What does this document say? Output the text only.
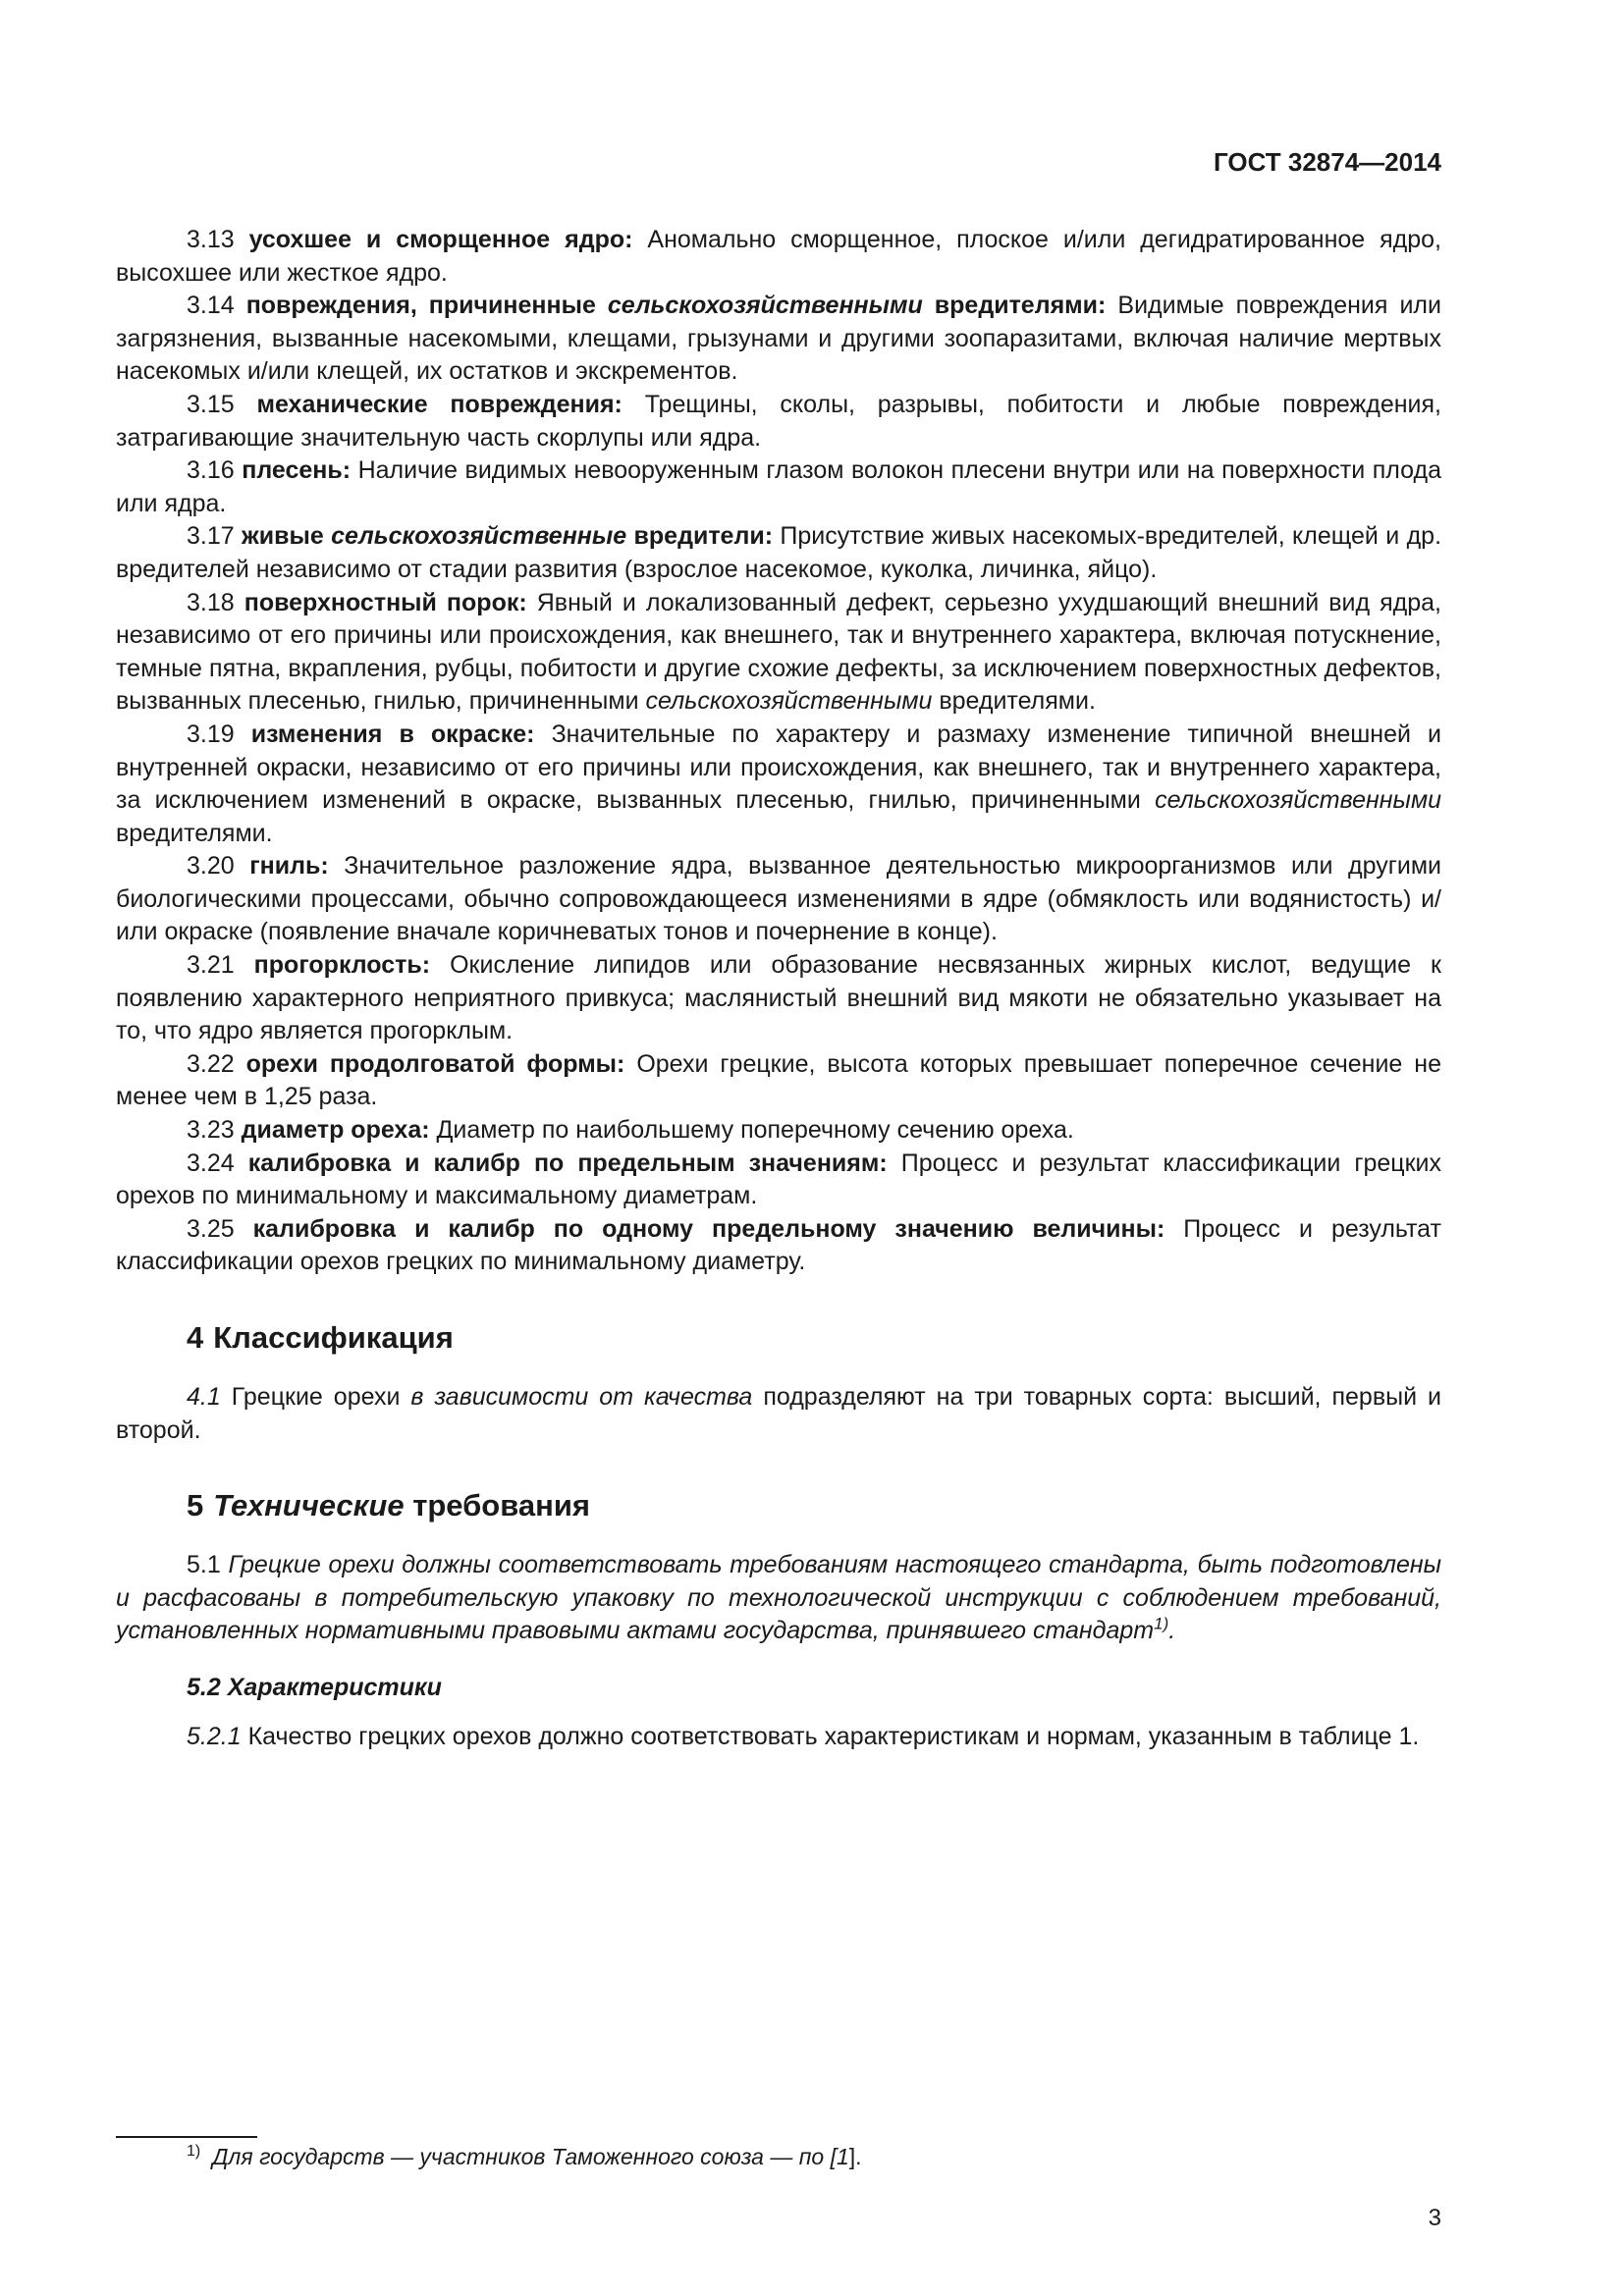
ГОСТ 32874—2014

3.13 усохшее и сморщенное ядро: Аномально сморщенное, плоское и/или дегидратированное ядро, высохшее или жесткое ядро.

3.14 повреждения, причиненные сельскохозяйственными вредителями: Видимые повреждения или загрязнения, вызванные насекомыми, клещами, грызунами и другими зоопаразитами, включая наличие мертвых насекомых и/или клещей, их остатков и экскрементов.

3.15 механические повреждения: Трещины, сколы, разрывы, побитости и любые повреждения, затрагивающие значительную часть скорлупы или ядра.

3.16 плесень: Наличие видимых невооруженным глазом волокон плесени внутри или на поверхности плода или ядра.

3.17 живые сельскохозяйственные вредители: Присутствие живых насекомых-вредителей, клещей и др. вредителей независимо от стадии развития (взрослое насекомое, куколка, личинка, яйцо).

3.18 поверхностный порок: Явный и локализованный дефект, серьезно ухудшающий внешний вид ядра, независимо от его причины или происхождения, как внешнего, так и внутреннего характера, включая потускнение, темные пятна, вкрапления, рубцы, побитости и другие схожие дефекты, за исключением поверхностных дефектов, вызванных плесенью, гнилью, причиненными сельскохозяйственными вредителями.

3.19 изменения в окраске: Значительные по характеру и размаху изменение типичной внешней и внутренней окраски, независимо от его причины или происхождения, как внешнего, так и внутреннего характера, за исключением изменений в окраске, вызванных плесенью, гнилью, причиненными сельскохозяйственными вредителями.

3.20 гниль: Значительное разложение ядра, вызванное деятельностью микроорганизмов или другими биологическими процессами, обычно сопровождающееся изменениями в ядре (обмяклость или водянистость) и/или окраске (появление вначале коричневатых тонов и почернение в конце).

3.21 прогорклость: Окисление липидов или образование несвязанных жирных кислот, ведущие к появлению характерного неприятного привкуса; маслянистый внешний вид мякоти не обязательно указывает на то, что ядро является прогорклым.

3.22 орехи продолговатой формы: Орехи грецкие, высота которых превышает поперечное сечение не менее чем в 1,25 раза.

3.23 диаметр ореха: Диаметр по наибольшему поперечному сечению ореха.

3.24 калибровка и калибр по предельным значениям: Процесс и результат классификации грецких орехов по минимальному и максимальному диаметрам.

3.25 калибровка и калибр по одному предельному значению величины: Процесс и результат классификации орехов грецких по минимальному диаметру.

4 Классификация

4.1 Грецкие орехи в зависимости от качества подразделяют на три товарных сорта: высший, первый и второй.

5 Технические требования

5.1 Грецкие орехи должны соответствовать требованиям настоящего стандарта, быть подготовлены и расфасованы в потребительскую упаковку по технологической инструкции с соблюдением требований, установленных нормативными правовыми актами государства, принявшего стандарт$^{1)}$.

5.2 Характеристики

5.2.1 Качество грецких орехов должно соответствовать характеристикам и нормам, указанным в таблице 1.

$^{1)}$ Для государств — участников Таможенного союза — по [1].

3
